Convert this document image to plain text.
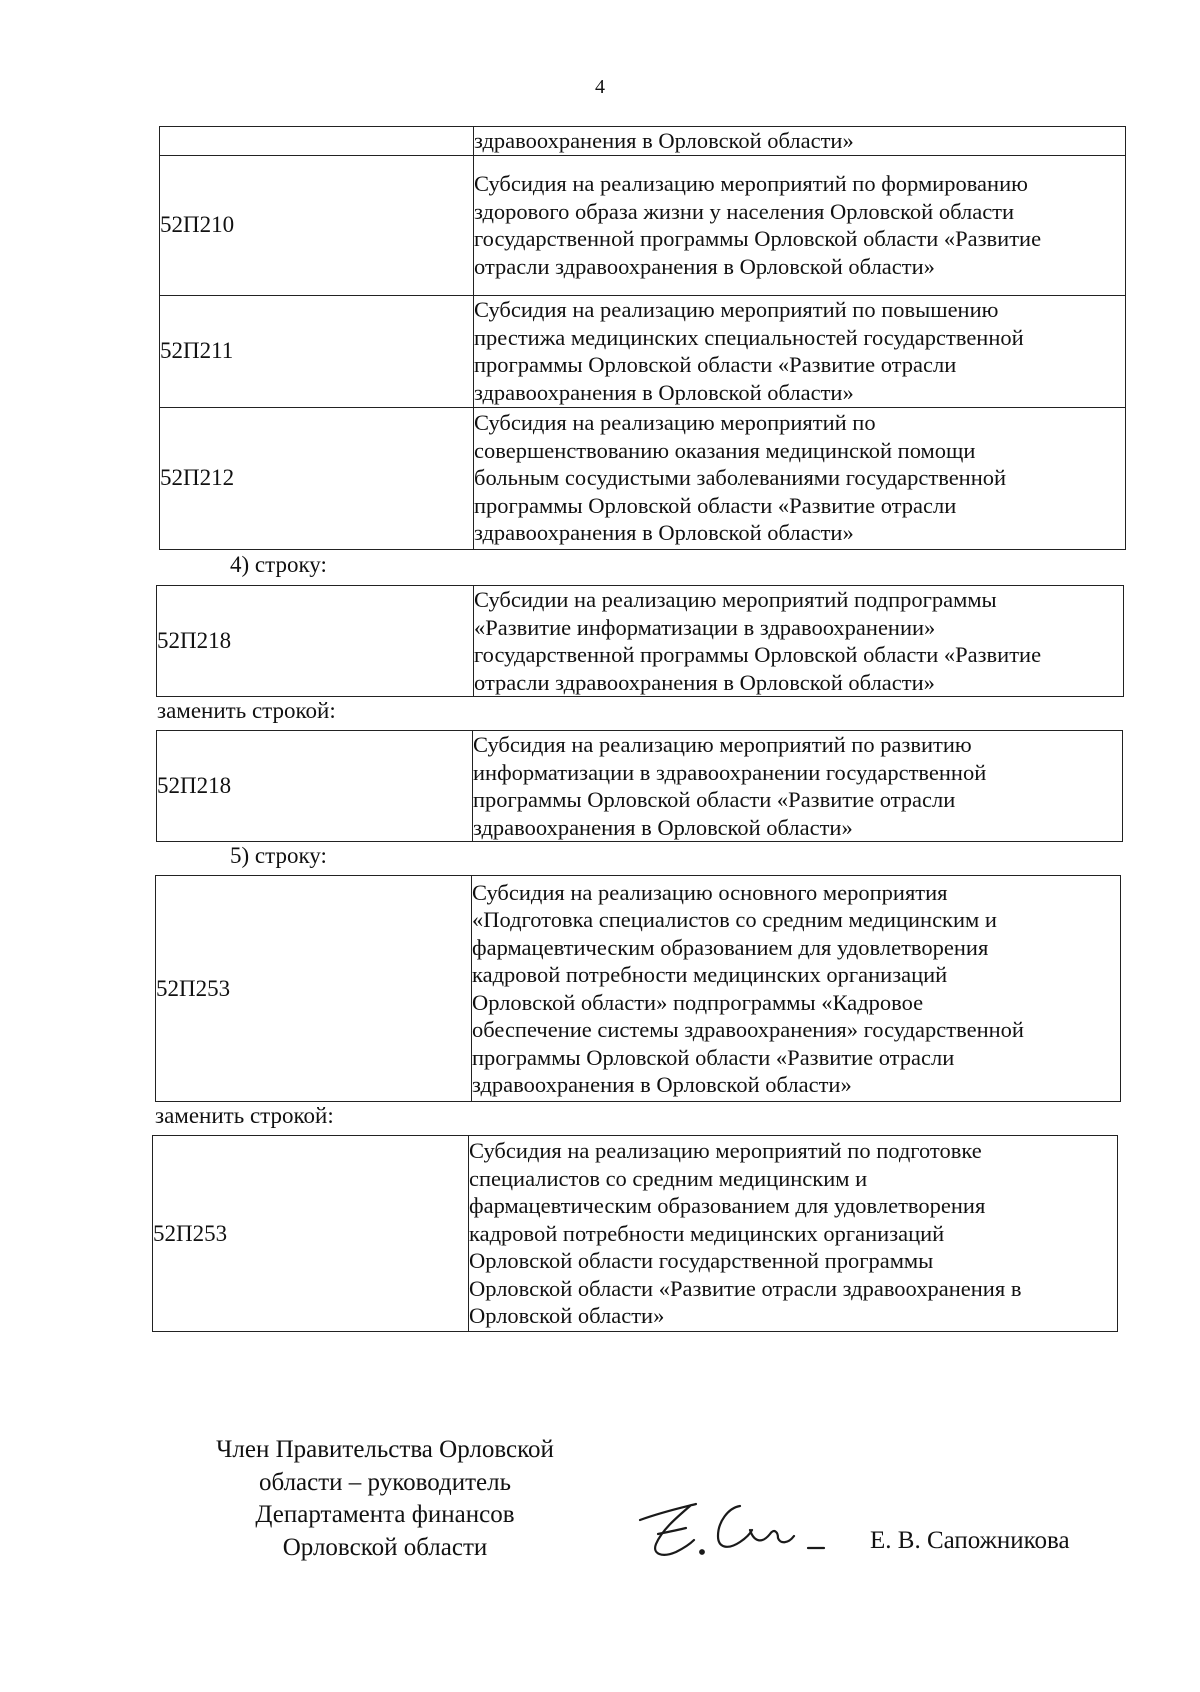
4

	здравоохранения в Орловской области»

52П210	Субсидия на реализацию мероприятий по формированию
здорового образа жизни у населения Орловской области
государственной программы Орловской области «Развитие
отрасли здравоохранения в Орловской области»

52П211	Субсидия на реализацию мероприятий по повышению
престижа медицинских специальностей государственной
программы Орловской области «Развитие отрасли
здравоохранения в Орловской области»

52П212	Субсидия на реализацию мероприятий по
совершенствованию оказания медицинской помощи
больным сосудистыми заболеваниями государственной
программы Орловской области «Развитие отрасли
здравоохранения в Орловской области»
4) строку:
52П218	
Субсидии на реализацию мероприятий подпрограммы
«Развитие информатизации в здравоохранении»
государственной программы Орловской области «Развитие
отрасли здравоохранения в Орловской области»
заменить строкой:
52П218	
Субсидия на реализацию мероприятий по развитию
информатизации в здравоохранении государственной
программы Орловской области «Развитие отрасли
здравоохранения в Орловской области»
5) строку:
52П253	
Субсидия на реализацию основного мероприятия
«Подготовка специалистов со средним медицинским и
фармацевтическим образованием для удовлетворения
кадровой потребности медицинских организаций
Орловской области» подпрограммы «Кадровое
обеспечение системы здравоохранения» государственной
программы Орловской области «Развитие отрасли
здравоохранения в Орловской области»
заменить строкой:
52П253	
Субсидия на реализацию мероприятий по подготовке
специалистов со средним медицинским и
фармацевтическим образованием для удовлетворения
кадровой потребности медицинских организаций
Орловской области государственной программы
Орловской области «Развитие отрасли здравоохранения в
Орловской области»
Член Правительства Орловской
области – руководитель
Департамента финансов
Орловской области	Е. В. Сапожникова
